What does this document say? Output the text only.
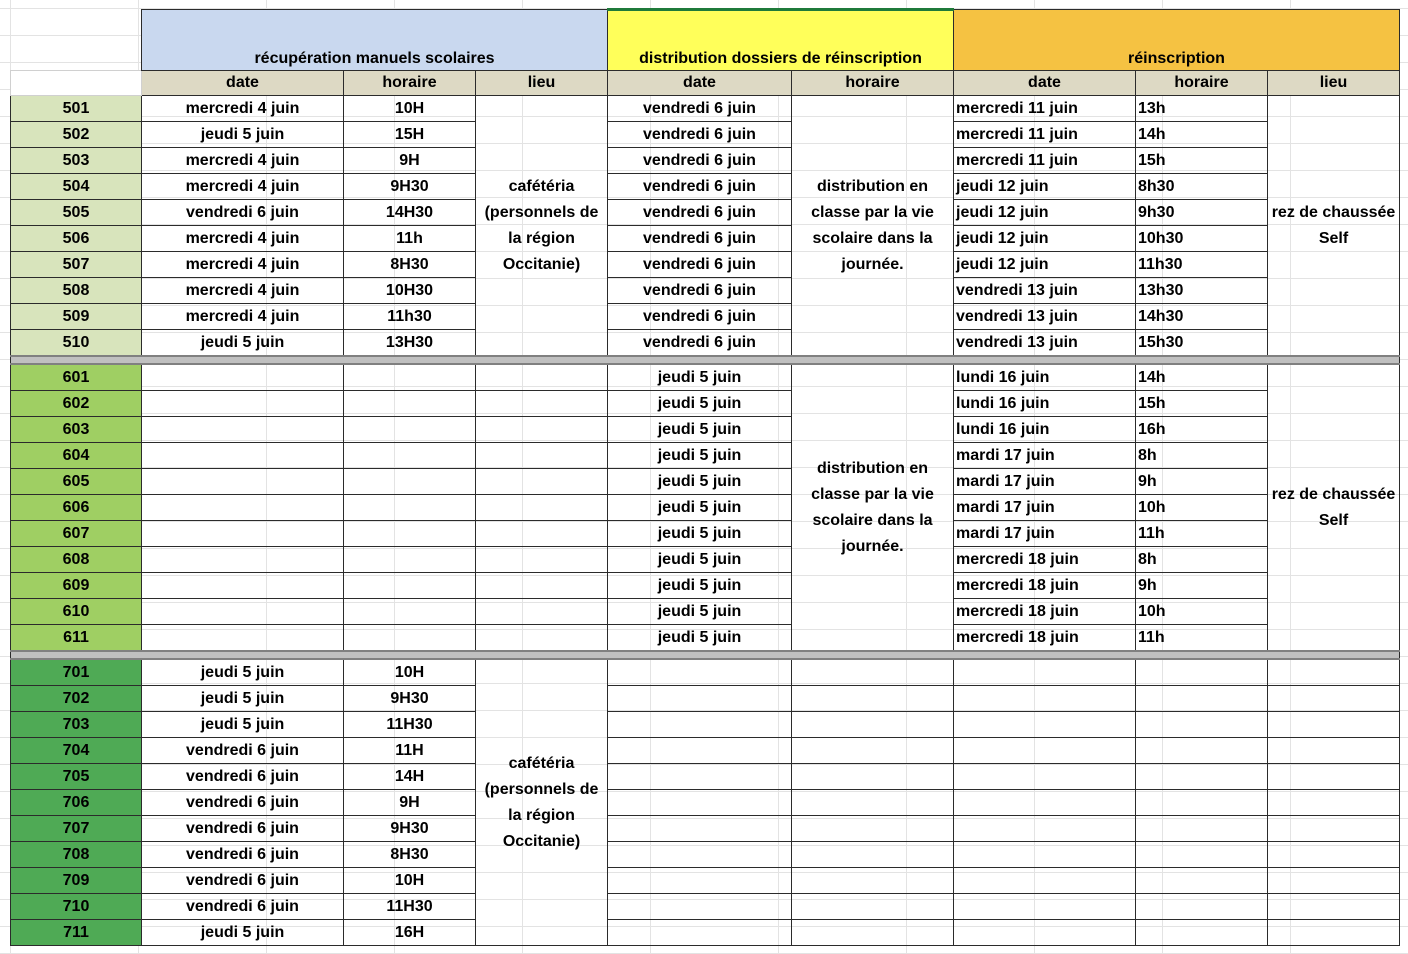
	récupération manuels scolaires			distribution dossiers de réinscription		réinscription		
	date	horaire	lieu	date	horaire	date	horaire	lieu
501	mercredi 4 juin	10H	cafétéria (personnels de la région Occitanie)	vendredi 6 juin	distribution en classe par la vie scolaire dans la journée.	mercredi 11 juin	13h	rez de chaussée Self
502	jeudi 5 juin	15H		vendredi 6 juin		mercredi 11 juin	14h	
503	mercredi 4 juin	9H		vendredi 6 juin		mercredi 11 juin	15h	
504	mercredi 4 juin	9H30		vendredi 6 juin		jeudi 12 juin	8h30	
505	vendredi 6 juin	14H30		vendredi 6 juin		jeudi 12 juin	9h30	
506	mercredi 4 juin	11h		vendredi 6 juin		jeudi 12 juin	10h30	
507	mercredi 4 juin	8H30		vendredi 6 juin		jeudi 12 juin	11h30	
508	mercredi 4 juin	10H30		vendredi 6 juin		vendredi 13 juin	13h30	
509	mercredi 4 juin	11h30		vendredi 6 juin		vendredi 13 juin	14h30	
510	jeudi 5 juin	13H30		vendredi 6 juin		vendredi 13 juin	15h30	

601				jeudi 5 juin	distribution en classe par la vie scolaire dans la journée.	lundi 16 juin	14h	rez de chaussée Self
602				jeudi 5 juin		lundi 16 juin	15h	
603				jeudi 5 juin		lundi 16 juin	16h	
604				jeudi 5 juin		mardi 17 juin	8h	
605				jeudi 5 juin		mardi 17 juin	9h	
606				jeudi 5 juin		mardi 17 juin	10h	
607				jeudi 5 juin		mardi 17 juin	11h	
608				jeudi 5 juin		mercredi 18 juin	8h	
609				jeudi 5 juin		mercredi 18 juin	9h	
610				jeudi 5 juin		mercredi 18 juin	10h	
611				jeudi 5 juin		mercredi 18 juin	11h	

701	jeudi 5 juin	10H	cafétéria (personnels de la région Occitanie)					
702	jeudi 5 juin	9H30						
703	jeudi 5 juin	11H30						
704	vendredi 6 juin	11H						
705	vendredi 6 juin	14H						
706	vendredi 6 juin	9H						
707	vendredi 6 juin	9H30						
708	vendredi 6 juin	8H30						
709	vendredi 6 juin	10H						
710	vendredi 6 juin	11H30						
711	jeudi 5 juin	16H						
